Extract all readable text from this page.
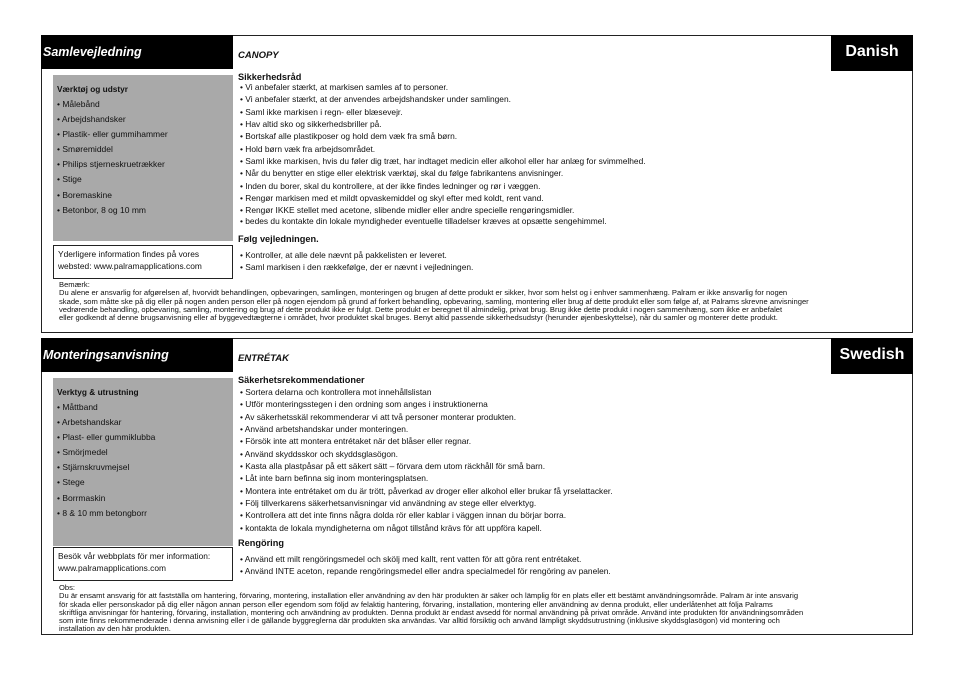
Samlevejledning	Danish
CANOPY
Værktøj og udstyr
• Målebånd
• Arbejdshandsker
• Plastik- eller gummihammer
• Smøremiddel
• Philips stjerneskruetrækker
• Stige
• Boremaskine
• Betonbor, 8 og 10 mm
Yderligere information findes på vores websted: www.palramapplications.com
Sikkerhedsråd
• Vi anbefaler stærkt, at markisen samles af to personer.
• Vi anbefaler stærkt, at der anvendes arbejdshandsker under samlingen.
• Saml ikke markisen i regn- eller blæsevejr.
• Hav altid sko og sikkerhedsbriller på.
• Bortskaf alle plastikposer og hold dem væk fra små børn.
• Hold børn væk fra arbejdsområdet.
• Saml ikke markisen, hvis du føler dig træt, har indtaget medicin eller alkohol eller har anlæg for svimmelhed.
• Når du benytter en stige eller elektrisk værktøj, skal du følge fabrikantens anvisninger.
• Inden du borer, skal du kontrollere, at der ikke findes ledninger og rør i væggen.
• Rengør markisen med et mildt opvaskemiddel og skyl efter med koldt, rent vand.
• Rengør IKKE stellet med acetone, slibende midler eller andre specielle rengøringsmidler.
• bedes du kontakte din lokale myndigheder eventuelle tilladelser kræves at opsætte sengehimmel.
Følg vejledningen.
• Kontroller, at alle dele nævnt på pakkelisten er leveret.
• Saml markisen i den rækkefølge, der er nævnt i vejledningen.
Bemærk:
Du alene er ansvarlig for afgørelsen af, hvorvidt behandlingen, opbevaringen, samlingen, monteringen og brugen af dette produkt er sikker, hvor som helst og i enhver sammenhæng. Palram er ikke ansvarlig for nogen
skade, som måtte ske på dig eller på nogen anden person eller på nogen ejendom på grund af forkert behandling, opbevaring, samling, montering eller brug af dette produkt eller som følge af, at Palrams skrevne anvisninger
vedrørende behandling, opbevaring, samling, montering og brug af dette produkt ikke er fulgt. Dette produkt er beregnet til almindelig, privat brug. Brug ikke dette produkt i nogen sammenhæng, som ikke er anbefalet
eller godkendt af denne brugsanvisning eller af byggevedtægterne i området, hvor produktet skal bruges. Benyt altid passende sikkerhedsudstyr (herunder øjenbeskyttelse), når du samler og monterer dette produkt.
Monteringsanvisning	Swedish
ENTRÉTAK
Verktyg & utrustning
• Måttband
• Arbetshandskar
• Plast- eller gummiklubba
• Smörjmedel
• Stjärnskruvmejsel
• Stege
• Borrmaskin
• 8 & 10 mm betongborr
Besök vår webbplats för mer information: www.palramapplications.com
Säkerhetsrekommendationer
• Sortera delarna och kontrollera mot innehållslistan
• Utför monteringsstegen i den ordning som anges i instruktionerna
• Av säkerhetsskäl rekommenderar vi att två personer monterar produkten.
• Använd arbetshandskar under monteringen.
• Försök inte att montera entrétaket när det blåser eller regnar.
• Använd skyddsskor och skyddsglasögon.
• Kasta alla plastpåsar på ett säkert sätt – förvara dem utom räckhåll för små barn.
• Låt inte barn befinna sig inom monteringsplatsen.
• Montera inte entrétaket om du är trött, påverkad av droger eller alkohol eller brukar få yrselattacker.
• Följ tillverkarens säkerhetsanvisningar vid användning av stege eller elverktyg.
• Kontrollera att det inte finns några dolda rör eller kablar i väggen innan du börjar borra.
• kontakta de lokala myndigheterna om något tillstånd krävs för att uppföra kapell.
Rengöring
• Använd ett milt rengöringsmedel och skölj med kallt, rent vatten för att göra rent entrétaket.
• Använd INTE aceton, repande rengöringsmedel eller andra specialmedel för rengöring av panelen.
Obs:
Du är ensamt ansvarig för att fastställa om hantering, förvaring, montering, installation eller användning av den här produkten är säker och lämplig för en plats eller ett bestämt användningsområde. Palram är inte ansvarig
för skada eller personskador på dig eller någon annan person eller egendom som följd av felaktig hantering, förvaring, installation, montering eller användning av denna produkt, eller underlåtenhet att följa Palrams
skriftliga anvisningar för hantering, förvaring, installation, montering och användning av produkten. Denna produkt är endast avsedd för normal användning på privat område. Använd inte produkten för användningsområden
som inte finns rekommenderade i denna anvisning eller i de gällande byggreglerna där produkten ska användas. Var alltid försiktig och använd lämpligt skyddsutrustning (inklusive skyddsglasögon) vid montering och
installation av den här produkten.
